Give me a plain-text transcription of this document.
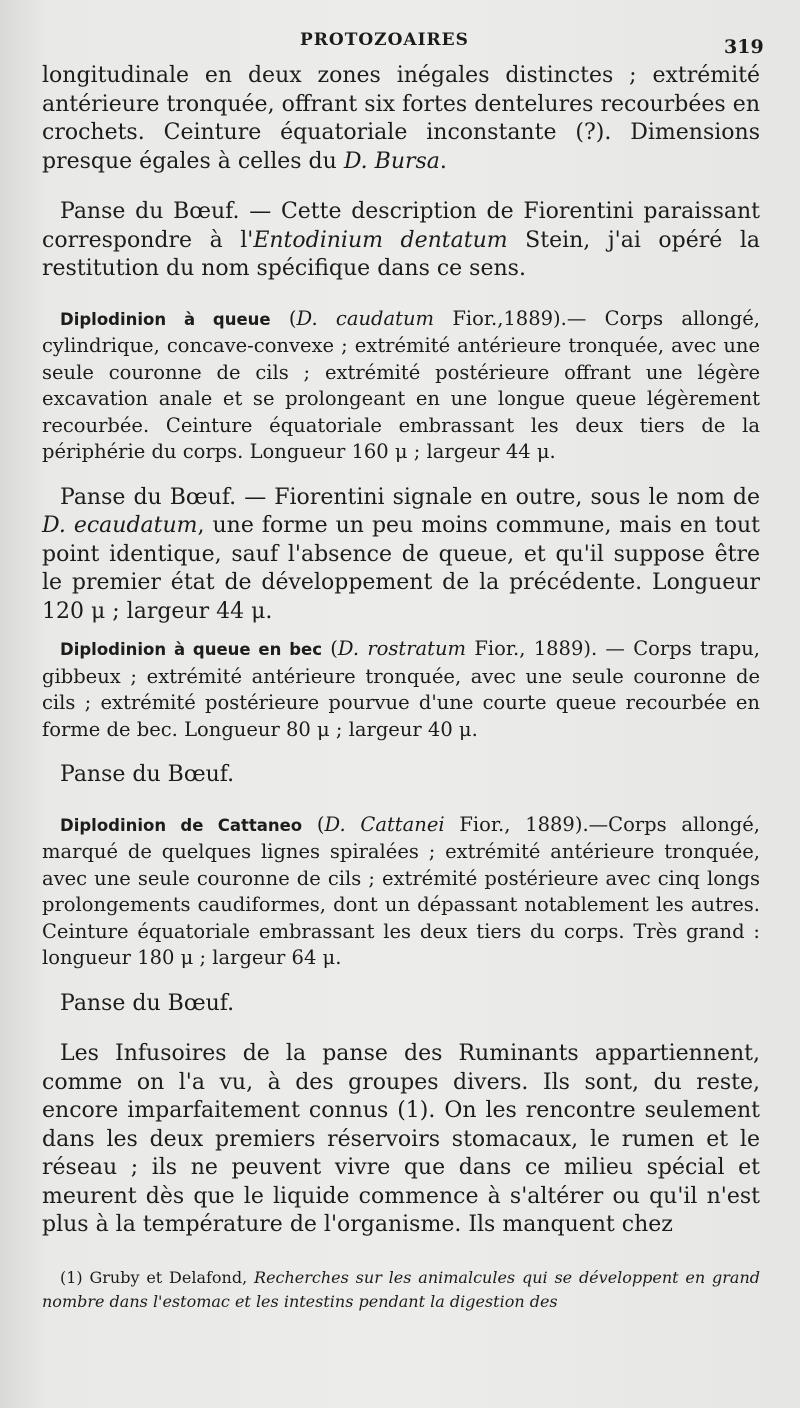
PROTOZOAIRES	319

longitudinale en deux zones inégales distinctes ; extrémité antérieure tronquée, offrant six fortes dentelures recourbées en crochets. Ceinture équatoriale inconstante (?). Dimensions presque égales à celles du D. Bursa.

Panse du Bœuf. — Cette description de Fiorentini paraissant correspondre à l'Entodinium dentatum Stein, j'ai opéré la restitution du nom spécifique dans ce sens.

Diplodinion à queue (D. caudatum Fior.,1889).— Corps allongé, cylindrique, concave-convexe ; extrémité antérieure tronquée, avec une seule couronne de cils ; extrémité postérieure offrant une légère excavation anale et se prolongeant en une longue queue légèrement recourbée. Ceinture équatoriale embrassant les deux tiers de la périphérie du corps. Longueur 160 μ ; largeur 44 μ.

Panse du Bœuf. — Fiorentini signale en outre, sous le nom de D. ecaudatum, une forme un peu moins commune, mais en tout point identique, sauf l'absence de queue, et qu'il suppose être le premier état de développement de la précédente. Longueur 120 μ ; largeur 44 μ.

Diplodinion à queue en bec (D. rostratum Fior., 1889). — Corps trapu, gibbeux ; extrémité antérieure tronquée, avec une seule couronne de cils ; extrémité postérieure pourvue d'une courte queue recourbée en forme de bec. Longueur 80 μ ; largeur 40 μ.

Panse du Bœuf.

Diplodinion de Cattaneo (D. Cattanei Fior., 1889).—Corps allongé, marqué de quelques lignes spiralées ; extrémité antérieure tronquée, avec une seule couronne de cils ; extrémité postérieure avec cinq longs prolongements caudiformes, dont un dépassant notablement les autres. Ceinture équatoriale embrassant les deux tiers du corps. Très grand : longueur 180 μ ; largeur 64 μ.

Panse du Bœuf.

Les Infusoires de la panse des Ruminants appartiennent, comme on l'a vu, à des groupes divers. Ils sont, du reste, encore imparfaitement connus (1). On les rencontre seulement dans les deux premiers réservoirs stomacaux, le rumen et le réseau ; ils ne peuvent vivre que dans ce milieu spécial et meurent dès que le liquide commence à s'altérer ou qu'il n'est plus à la température de l'organisme. Ils manquent chez

(1) Gruby et Delafond, Recherches sur les animalcules qui se développent en grand nombre dans l'estomac et les intestins pendant la digestion des
